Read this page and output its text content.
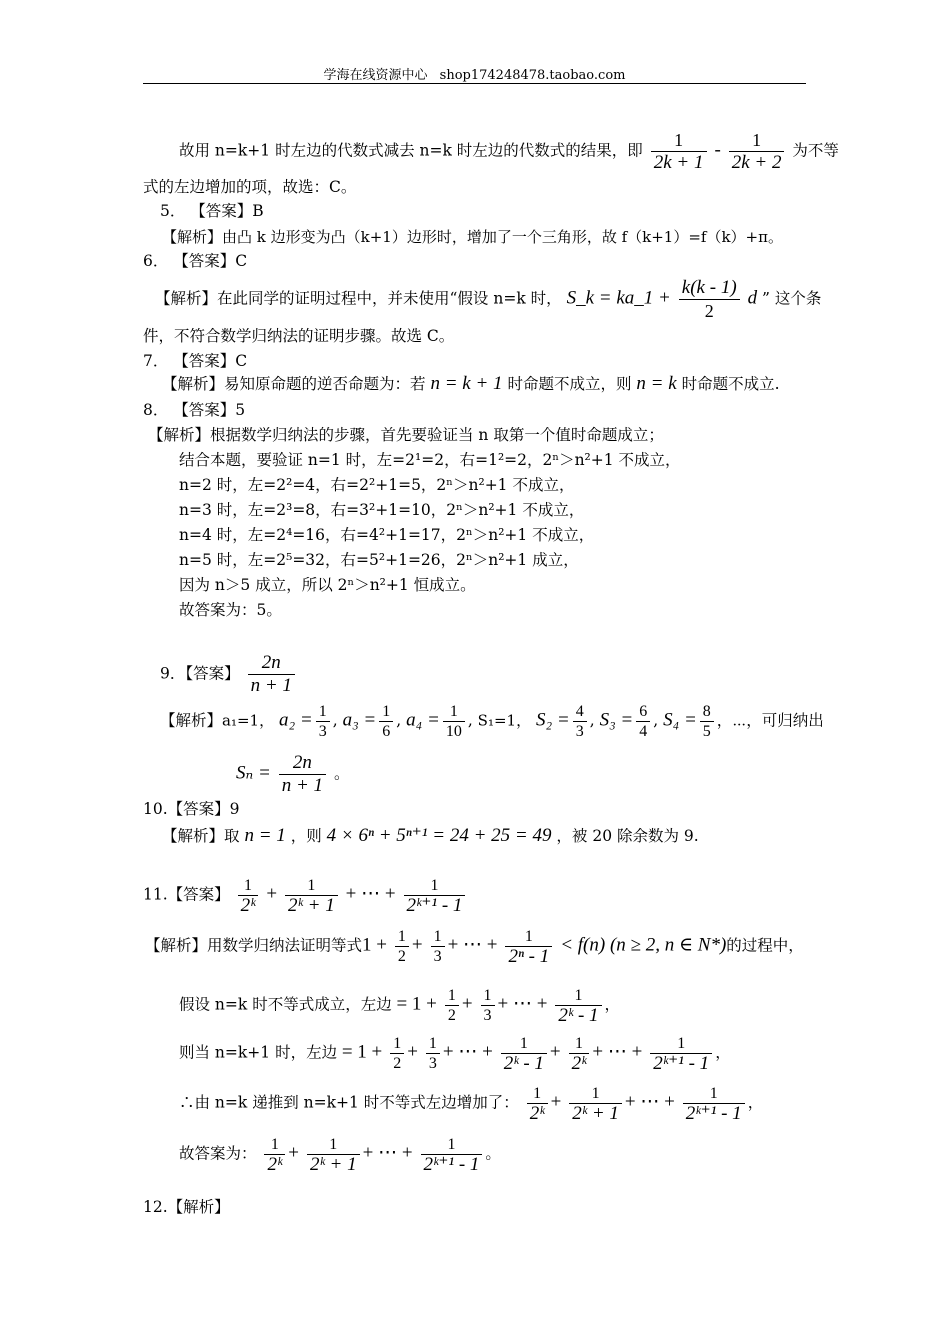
学海在线资源中心 shop174248478.taobao.com
故用 n=k+1 时左边的代数式减去 n=k 时左边的代数式的结果，即 $\frac{1}{2k + 1} - \frac{1}{2k + 2}$ 为不等
式的左边增加的项，故选：C。
5． 【答案】B
【解析】由凸 k 边形变为凸（k+1）边形时，增加了一个三角形，故 f（k+1）=f（k）+π。
6． 【答案】C
【解析】在此同学的证明过程中，并未使用“假设 n=k 时， S_k = ka_1 + $\frac{k(k - 1)}{2}$ d ” 这个条
件，不符合数学归纳法的证明步骤。故选 C。
7． 【答案】C
【解析】易知原命题的逆否命题为：若 n = k + 1 时命题不成立，则 n = k 时命题不成立.
8． 【答案】5
【解析】根据数学归纳法的步骤，首先要验证当 n 取第一个值时命题成立；
结合本题，要验证 n=1 时，左=2¹=2，右=1²=2，2ⁿ＞n²+1 不成立，
n=2 时，左=2²=4，右=2²+1=5，2ⁿ＞n²+1 不成立，
n=3 时，左=2³=8，右=3²+1=10，2ⁿ＞n²+1 不成立，
n=4 时，左=2⁴=16，右=4²+1=17，2ⁿ＞n²+1 不成立，
n=5 时，左=2⁵=32，右=5²+1=26，2ⁿ＞n²+1 成立，
因为 n＞5 成立，所以 2ⁿ＞n²+1 恒成立。
故答案为：5。
9．【答案】 $\frac{2n}{n + 1}$
【解析】a₁=1， $a_2 = \frac{1}{3}$ , $a_3 = \frac{1}{6}$ , $a_4 = \frac{1}{10}$ , S₁=1， $S_2 = \frac{4}{3}$ , $S_3 = \frac{6}{4}$ , $S_4 = \frac{8}{5}$ ，⋯，可归纳出
$S_n = \frac{2n}{n + 1}$ 。
10.【答案】9
【解析】取 n = 1 ，则 4 × 6ⁿ + 5ⁿ⁺¹ = 24 + 25 = 49 ，被 20 除余数为 9.
11.【答案】 $\frac{1}{\text{2ᵏ}} + \frac{1}{\text{2ᵏ + 1}}$ + ⋯ + $\frac{1}{\text{2ᵏ⁺¹ - 1}}$
【解析】用数学归纳法证明等式$1 + \frac{1}{2} + \frac{1}{3}$ + ⋯ + $\frac{1}{\text{2ⁿ - 1}} < f(n) (n \ge 2$, n ∈ N*)的过程中，
假设 n=k 时不等式成立，左边 = $1 + \frac{1}{2} + \frac{1}{3}$ + ⋯ + $\frac{1}{\text{2ᵏ - 1}}$ ，
则当 n=k+1 时，左边 = $1 + \frac{1}{2} + \frac{1}{3}$ + ⋯ + $\frac{1}{\text{2ᵏ - 1}} + \frac{1}{\text{2ᵏ}}$ + ⋯ + $\frac{1}{\text{2ᵏ⁺¹ - 1}}$ ，
∴由 n=k 递推到 n=k+1 时不等式左边增加了： $\frac{1}{\text{2ᵏ}} + \frac{1}{\text{2ᵏ + 1}}$ + ⋯ + $\frac{1}{\text{2ᵏ⁺¹ - 1}}$ ，
故答案为： $\frac{1}{\text{2ᵏ}} + \frac{1}{\text{2ᵏ + 1}}$ + ⋯ + $\frac{1}{\text{2ᵏ⁺¹ - 1}}$ 。
12.【解析】
